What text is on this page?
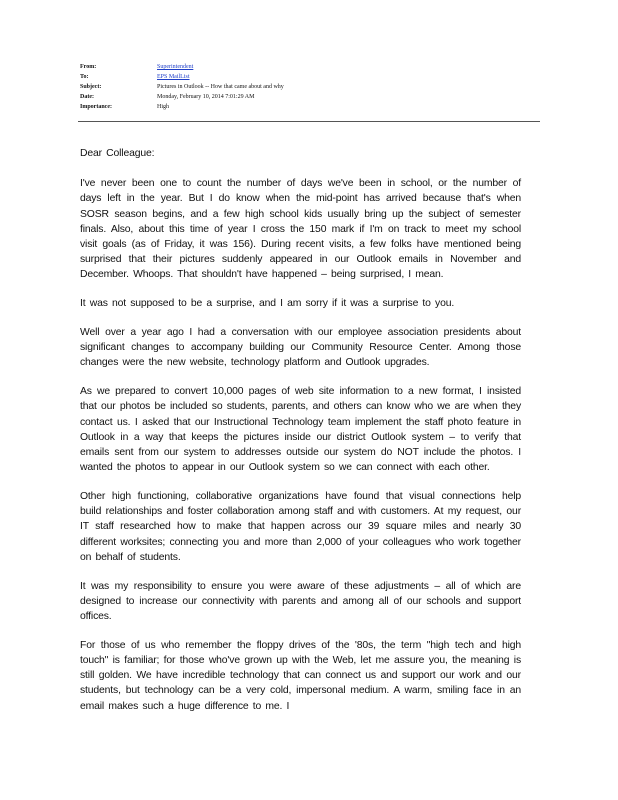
From:	Superintendent
To:	EPS MailList
Subject:	Pictures in Outlook -- How that came about and why
Date:	Monday, February 10, 2014 7:01:29 AM
Importance:	High

Dear Colleague:

I've never been one to count the number of days we've been in school, or the number of days left in the year. But I do know when the mid-point has arrived because that's when SOSR season begins, and a few high school kids usually bring up the subject of semester finals. Also, about this time of year I cross the 150 mark if I'm on track to meet my school visit goals (as of Friday, it was 156). During recent visits, a few folks have mentioned being surprised that their pictures suddenly appeared in our Outlook emails in November and December. Whoops. That shouldn't have happened – being surprised, I mean.

It was not supposed to be a surprise, and I am sorry if it was a surprise to you.

Well over a year ago I had a conversation with our employee association presidents about significant changes to accompany building our Community Resource Center. Among those changes were the new website, technology platform and Outlook upgrades.

As we prepared to convert 10,000 pages of web site information to a new format, I insisted that our photos be included so students, parents, and others can know who we are when they contact us. I asked that our Instructional Technology team implement the staff photo feature in Outlook in a way that keeps the pictures inside our district Outlook system – to verify that emails sent from our system to addresses outside our system do NOT include the photos. I wanted the photos to appear in our Outlook system so we can connect with each other.

Other high functioning, collaborative organizations have found that visual connections help build relationships and foster collaboration among staff and with customers. At my request, our IT staff researched how to make that happen across our 39 square miles and nearly 30 different worksites; connecting you and more than 2,000 of your colleagues who work together on behalf of students.

It was my responsibility to ensure you were aware of these adjustments – all of which are designed to increase our connectivity with parents and among all of our schools and support offices.

For those of us who remember the floppy drives of the '80s, the term "high tech and high touch" is familiar; for those who've grown up with the Web, let me assure you, the meaning is still golden. We have incredible technology that can connect us and support our work and our students, but technology can be a very cold, impersonal medium. A warm, smiling face in an email makes such a huge difference to me. I
